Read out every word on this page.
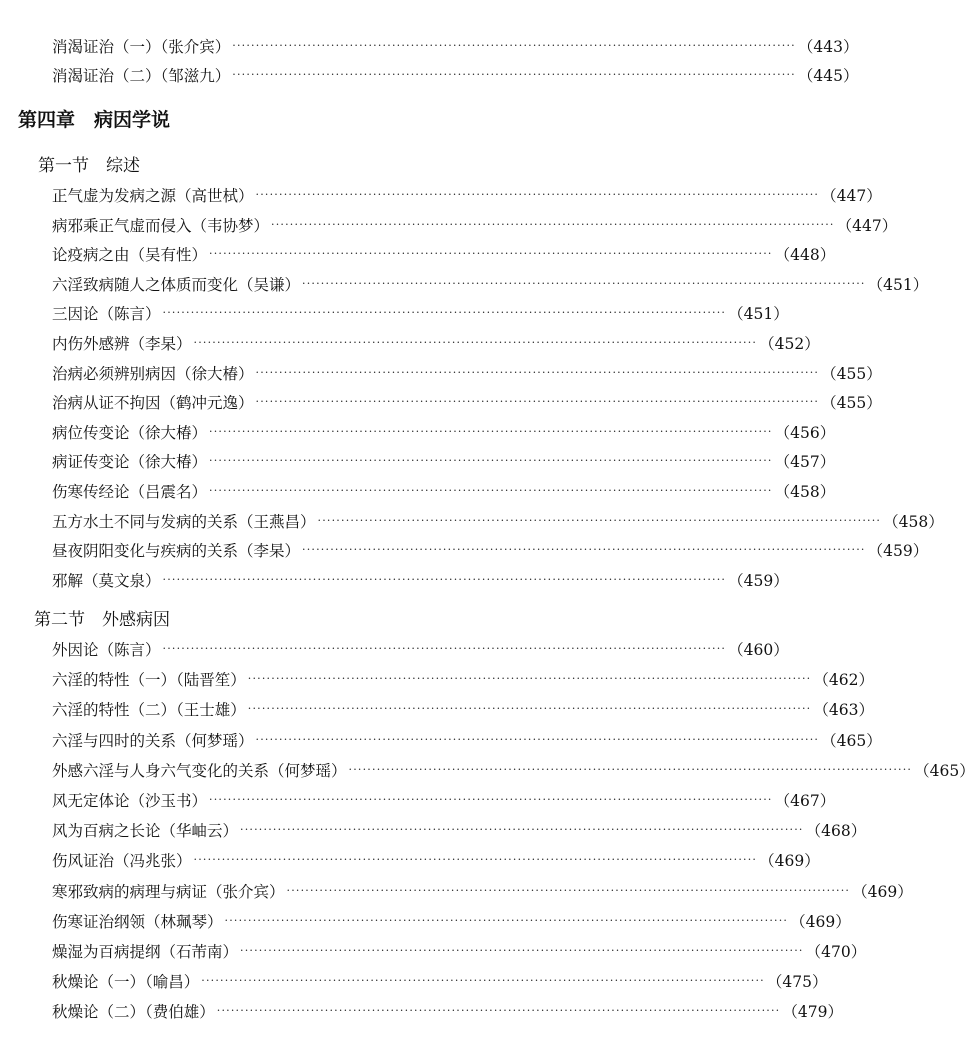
消渴证治（一）（张介宾） ························································································································ （443）
消渴证治（二）（邹滋九） ························································································································ （445）
第四章　病因学说
第一节　综述
正气虚为发病之源（高世栻） ························································································································ （447）
病邪乘正气虚而侵入（韦协梦） ························································································································ （447）
论疫病之由（吴有性） ························································································································ （448）
六淫致病随人之体质而变化（吴谦） ························································································································ （451）
三因论（陈言） ························································································································ （451）
内伤外感辨（李杲） ························································································································ （452）
治病必须辨别病因（徐大椿） ························································································································ （455）
治病从证不拘因（鹤冲元逸） ························································································································ （455）
病位传变论（徐大椿） ························································································································ （456）
病证传变论（徐大椿） ························································································································ （457）
伤寒传经论（吕震名） ························································································································ （458）
五方水土不同与发病的关系（王燕昌） ························································································································ （458）
昼夜阴阳变化与疾病的关系（李杲） ························································································································ （459）
邪解（莫文泉） ························································································································ （459）
第二节　外感病因
外因论（陈言） ························································································································ （460）
六淫的特性（一）（陆晋笙） ························································································································ （462）
六淫的特性（二）（王士雄） ························································································································ （463）
六淫与四时的关系（何梦瑶） ························································································································ （465）
外感六淫与人身六气变化的关系（何梦瑶） ························································································································ （465）
风无定体论（沙玉书） ························································································································ （467）
风为百病之长论（华岫云） ························································································································ （468）
伤风证治（冯兆张） ························································································································ （469）
寒邪致病的病理与病证（张介宾） ························································································································ （469）
伤寒证治纲领（林珮琴） ························································································································ （469）
燥湿为百病提纲（石芾南） ························································································································ （470）
秋燥论（一）（喻昌） ························································································································ （475）
秋燥论（二）（费伯雄） ························································································································ （479）
